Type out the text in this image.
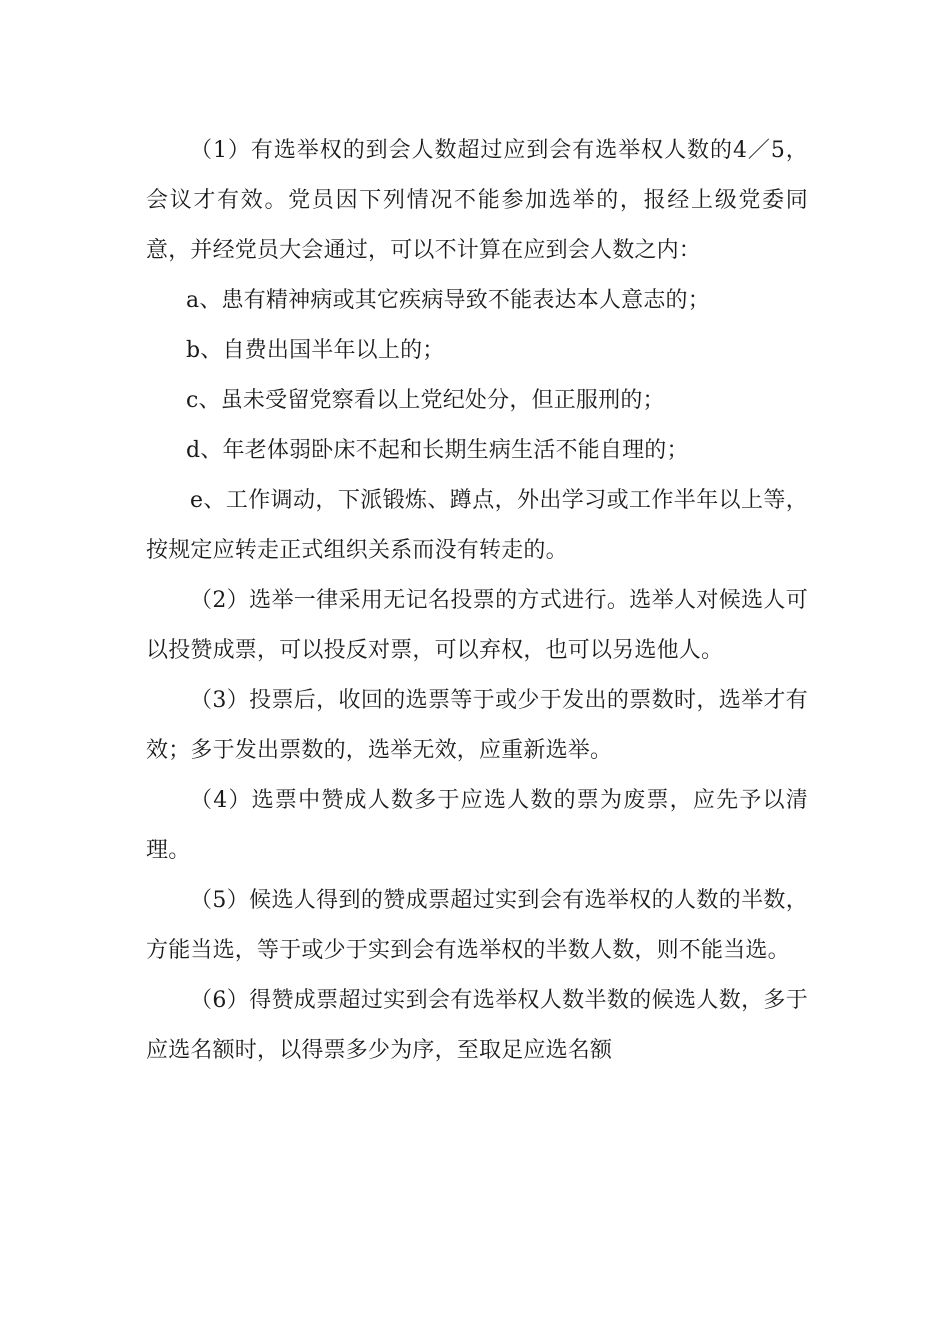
（1）有选举权的到会人数超过应到会有选举权人数的4／5，会议才有效。党员因下列情况不能参加选举的，报经上级党委同意，并经党员大会通过，可以不计算在应到会人数之内：

a、患有精神病或其它疾病导致不能表达本人意志的；

b、自费出国半年以上的；

c、虽未受留党察看以上党纪处分，但正服刑的；

d、年老体弱卧床不起和长期生病生活不能自理的；

e、工作调动，下派锻炼、蹲点，外出学习或工作半年以上等，按规定应转走正式组织关系而没有转走的。

（2）选举一律采用无记名投票的方式进行。选举人对候选人可以投赞成票，可以投反对票，可以弃权，也可以另选他人。

（3）投票后，收回的选票等于或少于发出的票数时，选举才有效；多于发出票数的，选举无效，应重新选举。

（4）选票中赞成人数多于应选人数的票为废票，应先予以清理。

（5）候选人得到的赞成票超过实到会有选举权的人数的半数，方能当选，等于或少于实到会有选举权的半数人数，则不能当选。

（6）得赞成票超过实到会有选举权人数半数的候选人数，多于应选名额时，以得票多少为序，至取足应选名额
